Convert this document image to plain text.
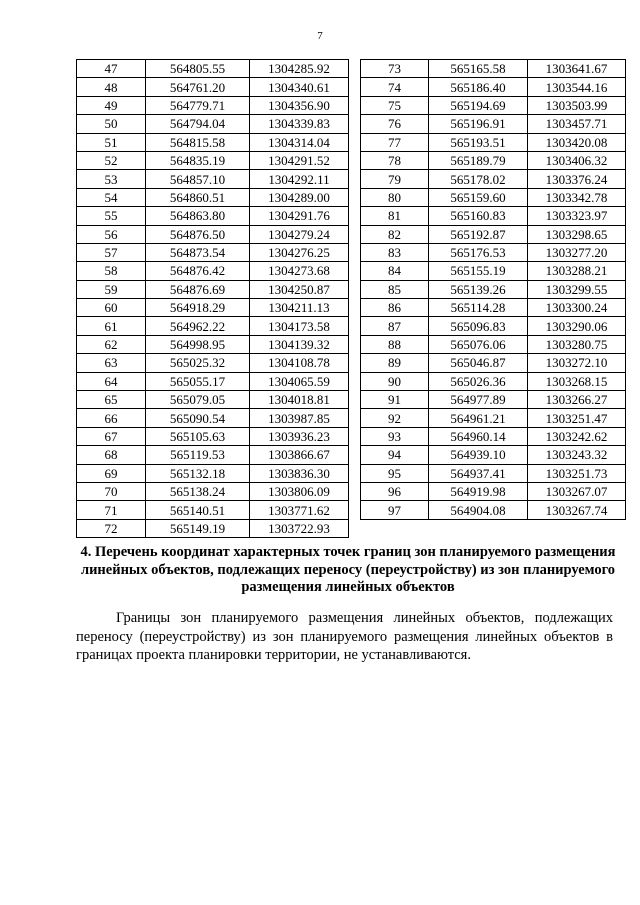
7
47	564805.55	1304285.92
48	564761.20	1304340.61
49	564779.71	1304356.90
50	564794.04	1304339.83
51	564815.58	1304314.04
52	564835.19	1304291.52
53	564857.10	1304292.11
54	564860.51	1304289.00
55	564863.80	1304291.76
56	564876.50	1304279.24
57	564873.54	1304276.25
58	564876.42	1304273.68
59	564876.69	1304250.87
60	564918.29	1304211.13
61	564962.22	1304173.58
62	564998.95	1304139.32
63	565025.32	1304108.78
64	565055.17	1304065.59
65	565079.05	1304018.81
66	565090.54	1303987.85
67	565105.63	1303936.23
68	565119.53	1303866.67
69	565132.18	1303836.30
70	565138.24	1303806.09
71	565140.51	1303771.62
72	565149.19	1303722.93
73	565165.58	1303641.67
74	565186.40	1303544.16
75	565194.69	1303503.99
76	565196.91	1303457.71
77	565193.51	1303420.08
78	565189.79	1303406.32
79	565178.02	1303376.24
80	565159.60	1303342.78
81	565160.83	1303323.97
82	565192.87	1303298.65
83	565176.53	1303277.20
84	565155.19	1303288.21
85	565139.26	1303299.55
86	565114.28	1303300.24
87	565096.83	1303290.06
88	565076.06	1303280.75
89	565046.87	1303272.10
90	565026.36	1303268.15
91	564977.89	1303266.27
92	564961.21	1303251.47
93	564960.14	1303242.62
94	564939.10	1303243.32
95	564937.41	1303251.73
96	564919.98	1303267.07
97	564904.08	1303267.74
4. Перечень координат характерных точек границ зон планируемого размещения линейных объектов, подлежащих переносу (переустройству) из зон планируемого размещения линейных объектов
Границы зон планируемого размещения линейных объектов, подлежащих переносу (переустройству) из зон планируемого размещения линейных объектов в границах проекта планировки территории, не устанавливаются.
